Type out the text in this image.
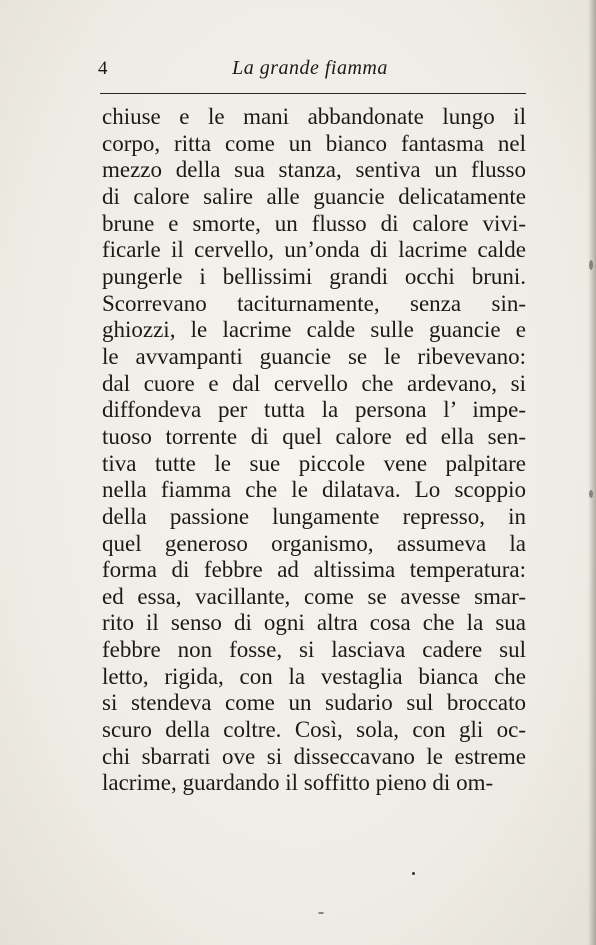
4	La grande fiamma
chiuse e le mani abbandonate lungo il
corpo, ritta come un bianco fantasma nel
mezzo della sua stanza, sentiva un flusso
di calore salire alle guancie delicatamente
brune e smorte, un flusso di calore vivi-
ficarle il cervello, un’onda di lacrime calde
pungerle i bellissimi grandi occhi bruni.
Scorrevano taciturnamente, senza sin-
ghiozzi, le lacrime calde sulle guancie e
le avvampanti guancie se le ribevevano:
dal cuore e dal cervello che ardevano, si
diffondeva per tutta la persona l’ impe-
tuoso torrente di quel calore ed ella sen-
tiva tutte le sue piccole vene palpitare
nella fiamma che le dilatava. Lo scoppio
della passione lungamente represso, in
quel generoso organismo, assumeva la
forma di febbre ad altissima temperatura:
ed essa, vacillante, come se avesse smar-
rito il senso di ogni altra cosa che la sua
febbre non fosse, si lasciava cadere sul
letto, rigida, con la vestaglia bianca che
si stendeva come un sudario sul broccato
scuro della coltre. Così, sola, con gli oc-
chi sbarrati ove si disseccavano le estreme
lacrime, guardando il soffitto pieno di om-
